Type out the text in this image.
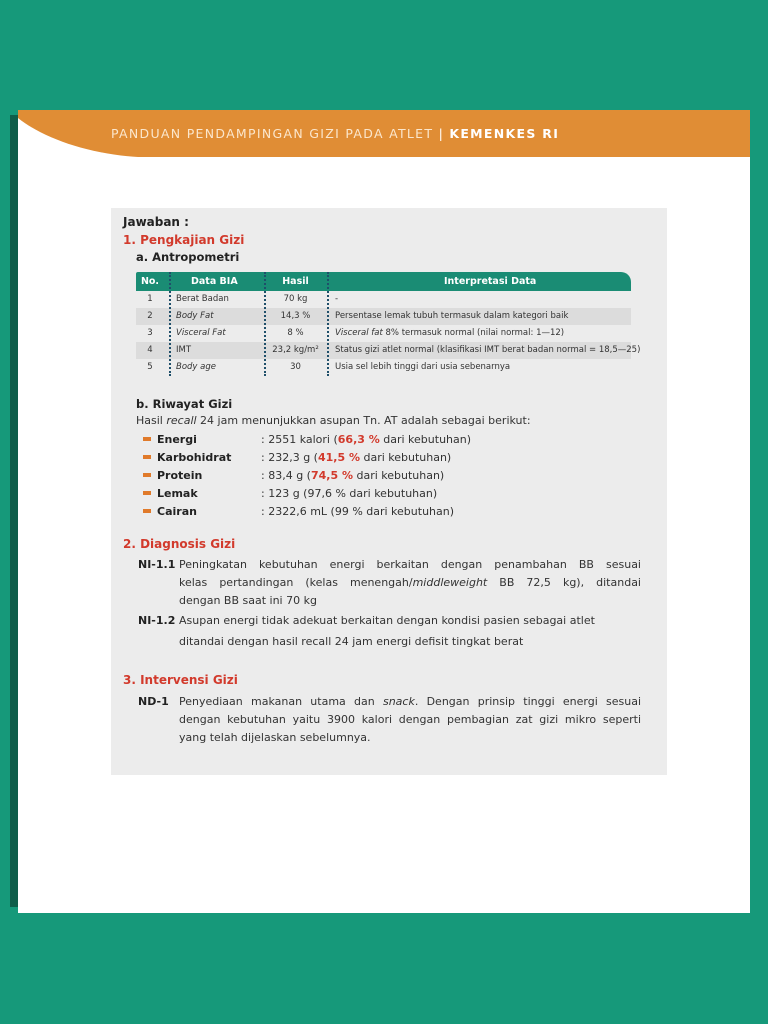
PANDUAN PENDAMPINGAN GIZI PADA ATLET | KEMENKES RI
Jawaban :
1. Pengkajian Gizi
a. Antropometri
No.	Data BIA	Hasil	Interpretasi Data
1	Berat Badan	70 kg	-
2	Body Fat	14,3 %	Persentase lemak tubuh termasuk dalam kategori baik
3	Visceral Fat	8 %	Visceral fat 8% termasuk normal (nilai normal: 1—12)
4	IMT	23,2 kg/m²	Status gizi atlet normal (klasifikasi IMT berat badan normal = 18,5—25)
5	Body age	30	Usia sel lebih tinggi dari usia sebenarnya
b. Riwayat Gizi
Hasil recall 24 jam menunjukkan asupan Tn. AT adalah sebagai berikut:
Energi	: 2551 kalori (66,3 % dari kebutuhan)
Karbohidrat	: 232,3 g (41,5 % dari kebutuhan)
Protein	: 83,4 g (74,5 % dari kebutuhan)
Lemak	: 123 g (97,6 % dari kebutuhan)
Cairan	: 2322,6 mL (99 % dari kebutuhan)
2. Diagnosis Gizi
NI-1.1 Peningkatan kebutuhan energi berkaitan dengan penambahan BB sesuai
kelas pertandingan (kelas menengah/middleweight BB 72,5 kg), ditandai
dengan BB saat ini 70 kg
NI-1.2 Asupan energi tidak adekuat berkaitan dengan kondisi pasien sebagai atlet
ditandai dengan hasil recall 24 jam energi defisit tingkat berat
3. Intervensi Gizi
ND-1 Penyediaan makanan utama dan snack. Dengan prinsip tinggi energi sesuai
dengan kebutuhan yaitu 3900 kalori dengan pembagian zat gizi mikro seperti
yang telah dijelaskan sebelumnya.
